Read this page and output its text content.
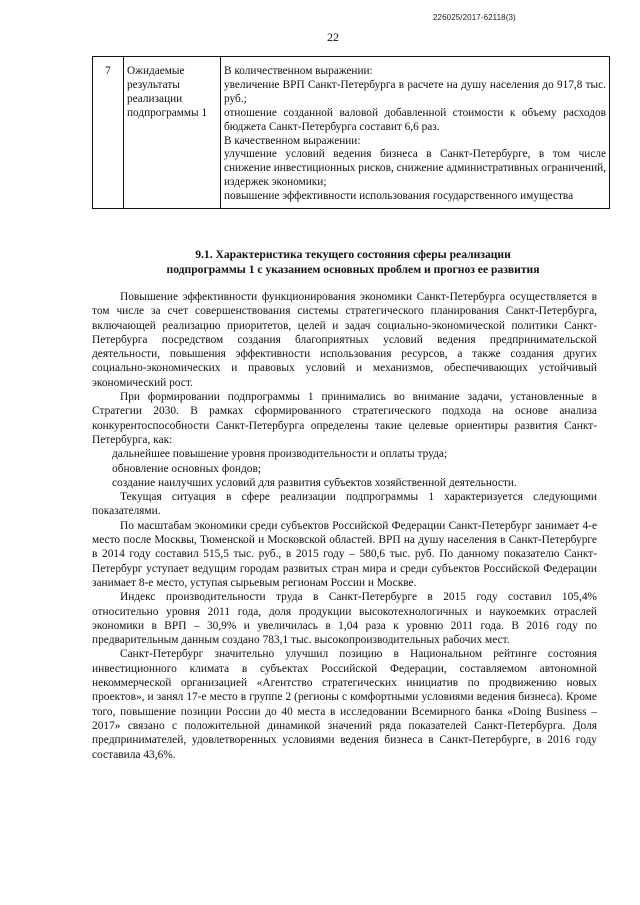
226025/2017-62118(3)
22
7	Ожидаемые результаты реализации подпрограммы 1	
В количественном выражении:
увеличение ВРП Санкт-Петербурга в расчете на душу населения до 917,8 тыс. руб.;
отношение созданной валовой добавленной стоимости к объему расходов бюджета Санкт-Петербурга составит 6,6 раз.
В качественном выражении:
улучшение условий ведения бизнеса в Санкт-Петербурге, в том числе снижение инвестиционных рисков, снижение административных ограничений, издержек экономики;
повышение эффективности использования государственного имущества
9.1. Характеристика текущего состояния сферы реализации
подпрограммы 1 с указанием основных проблем и прогноз ее развития

Повышение эффективности функционирования экономики Санкт-Петербурга осуществляется в том числе за счет совершенствования системы стратегического планирования Санкт-Петербурга, включающей реализацию приоритетов, целей и задач социально-экономической политики Санкт-Петербурга посредством создания благоприятных условий ведения предпринимательской деятельности, повышения эффективности использования ресурсов, а также создания других социально-экономических и правовых условий и механизмов, обеспечивающих устойчивый экономический рост.

При формировании подпрограммы 1 принимались во внимание задачи, установленные в Стратегии 2030. В рамках сформированного стратегического подхода на основе анализа конкурентоспособности Санкт-Петербурга определены такие целевые ориентиры развития Санкт-Петербурга, как:

дальнейшее повышение уровня производительности и оплаты труда;

обновление основных фондов;

создание наилучших условий для развития субъектов хозяйственной деятельности.

Текущая ситуация в сфере реализации подпрограммы 1 характеризуется следующими показателями.

По масштабам экономики среди субъектов Российской Федерации Санкт-Петербург занимает 4-е место после Москвы, Тюменской и Московской областей. ВРП на душу населения в Санкт-Петербурге в 2014 году составил 515,5 тыс. руб., в 2015 году – 580,6 тыс. руб. По данному показателю Санкт-Петербург уступает ведущим городам развитых стран мира и среди субъектов Российской Федерации занимает 8-е место, уступая сырьевым регионам России и Москве.

Индекс производительности труда в Санкт-Петербурге в 2015 году составил 105,4% относительно уровня 2011 года, доля продукции высокотехнологичных и наукоемких отраслей экономики в ВРП – 30,9% и увеличилась в 1,04 раза к уровню 2011 года. В 2016 году по предварительным данным создано 783,1 тыс. высокопроизводительных рабочих мест.

Санкт-Петербург значительно улучшил позицию в Национальном рейтинге состояния инвестиционного климата в субъектах Российской Федерации, составляемом автономной некоммерческой организацией «Агентство стратегических инициатив по продвижению новых проектов», и занял 17-е место в группе 2 (регионы с комфортными условиями ведения бизнеса). Кроме того, повышение позиции России до 40 места в исследовании Всемирного банка «Doing Business – 2017» связано с положительной динамикой значений ряда показателей Санкт-Петербурга. Доля предпринимателей, удовлетворенных условиями ведения бизнеса в Санкт-Петербурге, в 2016 году составила 43,6%.
